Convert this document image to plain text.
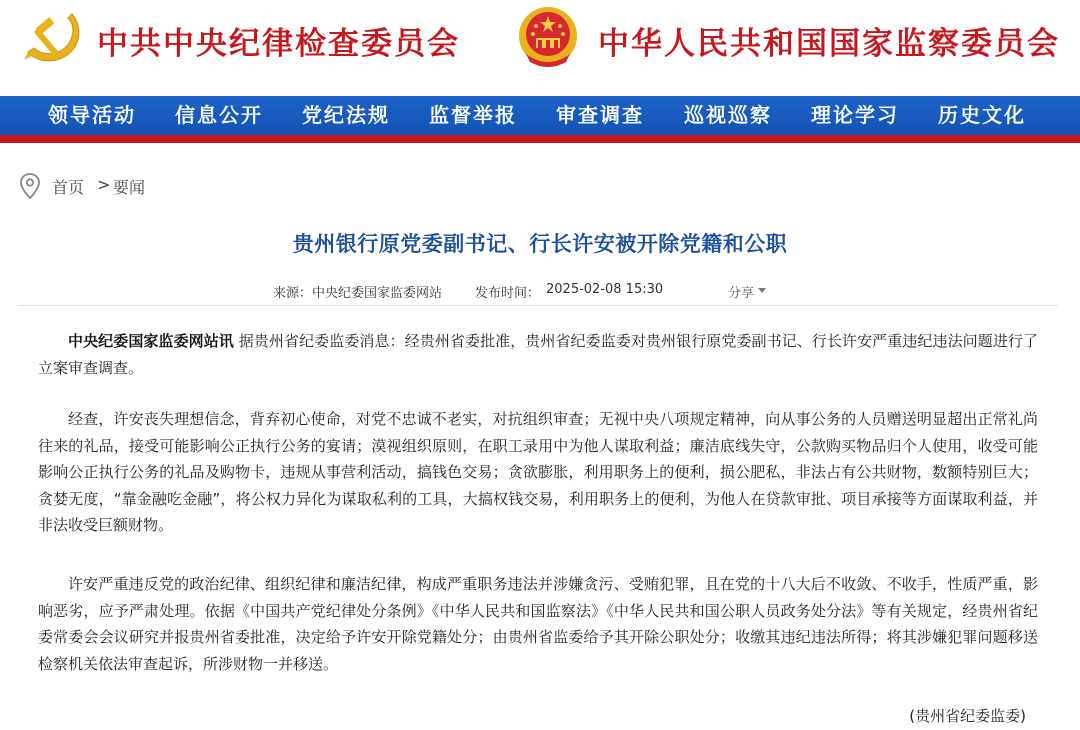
中共中央纪律检查委员会	中华人民共和国国家监察委员会
领导活动 信息公开 党纪法规 监督举报 审查调查 巡视巡察 理论学习 历史文化
首页 > 要闻
贵州银行原党委副书记、行长许安被开除党籍和公职
来源： 中央纪委国家监委网站	发布时间： 2025-02-08 15:30	分享

中央纪委国家监委网站讯 据贵州省纪委监委消息：经贵州省委批准，贵州省纪委监委对贵州银行原党委副书记、行长许安严重违纪违法问题进行了立案审查调查。

经查，许安丧失理想信念，背弃初心使命，对党不忠诚不老实，对抗组织审查；无视中央八项规定精神，向从事公务的人员赠送明显超出正常礼尚往来的礼品，接受可能影响公正执行公务的宴请；漠视组织原则，在职工录用中为他人谋取利益；廉洁底线失守，公款购买物品归个人使用，收受可能影响公正执行公务的礼品及购物卡，违规从事营利活动，搞钱色交易；贪欲膨胀，利用职务上的便利，损公肥私，非法占有公共财物，数额特别巨大；贪婪无度，“靠金融吃金融”，将公权力异化为谋取私利的工具，大搞权钱交易，利用职务上的便利，为他人在贷款审批、项目承接等方面谋取利益，并非法收受巨额财物。

许安严重违反党的政治纪律、组织纪律和廉洁纪律，构成严重职务违法并涉嫌贪污、受贿犯罪，且在党的十八大后不收敛、不收手，性质严重，影响恶劣，应予严肃处理。依据《中国共产党纪律处分条例》《中华人民共和国监察法》《中华人民共和国公职人员政务处分法》等有关规定，经贵州省纪委常委会会议研究并报贵州省委批准，决定给予许安开除党籍处分；由贵州省监委给予其开除公职处分；收缴其违纪违法所得；将其涉嫌犯罪问题移送检察机关依法审查起诉，所涉财物一并移送。

(贵州省纪委监委)
